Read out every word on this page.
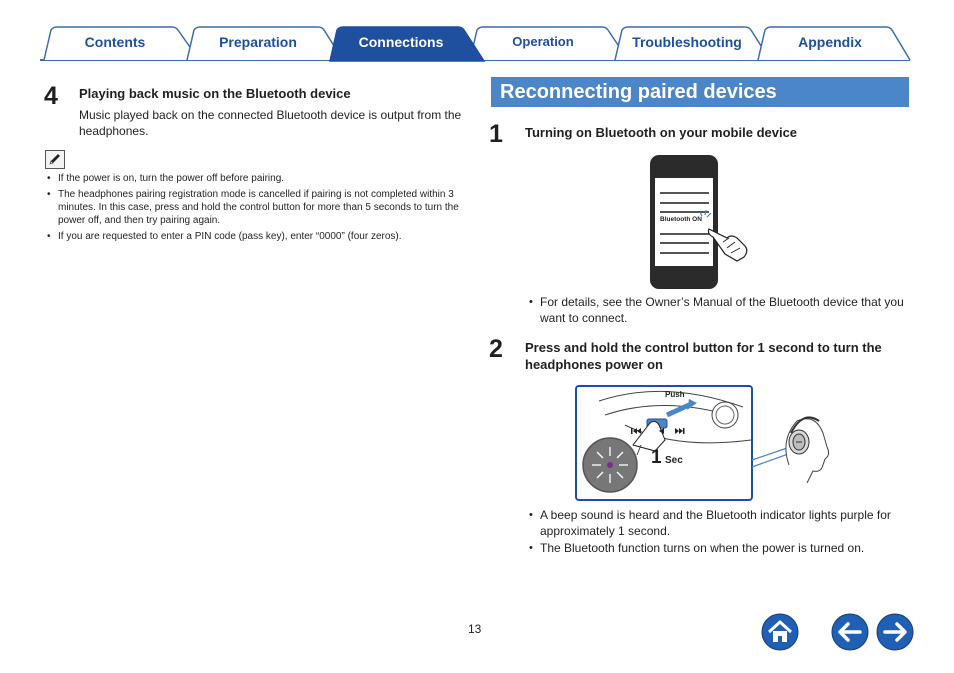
Contents	Preparation	Connections	Operation	Troubleshooting	Appendix
4 Playing back music on the Bluetooth device
Music played back on the connected Bluetooth device is output from the headphones.
• If the power is on, turn the power off before pairing.
• The headphones pairing registration mode is cancelled if pairing is not completed within 3 minutes. In this case, press and hold the control button for more than 5 seconds to turn the power off, and then try pairing again.
• If you are requested to enter a PIN code (pass key), enter “0000” (four zeros).
Reconnecting paired devices
1 Turning on Bluetooth on your mobile device
Bluetooth ON
• For details, see the Owner’s Manual of the Bluetooth device that you want to connect.
2 Press and hold the control button for 1 second to turn the headphones power on
Push
1 Sec
• A beep sound is heard and the Bluetooth indicator lights purple for approximately 1 second.
• The Bluetooth function turns on when the power is turned on.
13
